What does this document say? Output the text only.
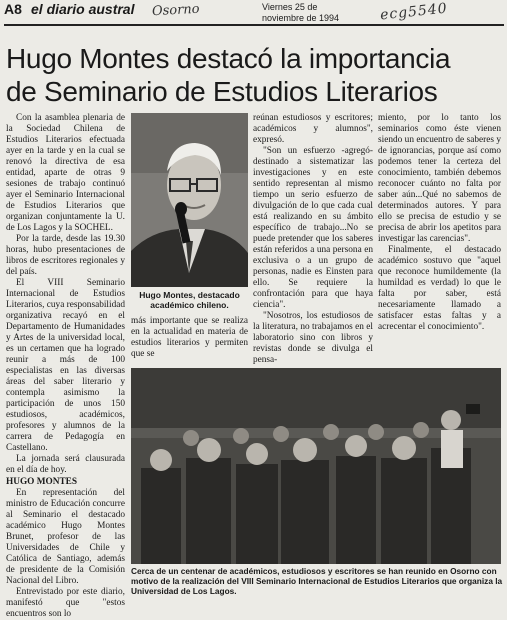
A8 el diario austral Osorno	Viernes 25 de
noviembre de 1994	ecg5540
Hugo Montes destacó la importancia
de Seminario de Estudios Literarios

Con la asamblea plenaria de la Sociedad Chilena de Estudios Literarios efectuada ayer en la tarde y en la cual se renovó la directiva de esa entidad, aparte de otras 9 sesiones de trabajo continuó ayer el Seminario Internacional de Estudios Literarios que organizan conjuntamente la U. de Los Lagos y la SOCHEL.

Por la tarde, desde las 19.30 horas, hubo presentaciones de libros de escritores regionales y del país.

El VIII Seminario Internacional de Estudios Literarios, cuya responsabilidad organizativa recayó en el Departamento de Humanidades y Artes de la universidad local, es un certamen que ha logrado reunir a más de 100 especialistas en las diversas áreas del saber literario y contempla asimismo la participación de unos 150 estudiosos, académicos, profesores y alumnos de la carrera de Pedagogía en Castellano.

La jornada será clausurada en el día de hoy.

HUGO MONTES

En representación del ministro de Educación concurre al Seminario el destacado académico Hugo Montes Brunet, profesor de las Universidades de Chile y Católica de Santiago, además de presidente de la Comisión Nacional del Libro.

Entrevistado por este diario, manifestó que "estos encuentros son lo

Hugo Montes, destacado académico chileno.

más importante que se realiza en la actualidad en materia de estudios literarios y permiten que se

reúnan estudiosos y escritores; académicos y alumnos", expresó.

"Son un esfuerzo -agregó- destinado a sistematizar las investigaciones y en este sentido representan al mismo tiempo un serio esfuerzo de divulgación de lo que cada cual está realizando en su ámbito específico de trabajo...No se puede pretender que los saberes están referidos a una persona en exclusiva o a un grupo de personas, nadie es Einsten para ello. Se requiere la confrontación para que haya ciencia".

"Nosotros, los estudiosos de la literatura, no trabajamos en el laboratorio sino con libros y revistas donde se divulga el pensa-

miento, por lo tanto los seminarios como éste vienen siendo un encuentro de saberes y de ignorancias, porque así como podemos tener la certeza del conocimiento, también debemos reconocer cuánto no falta por saber aún...Qué no sabemos de determinados autores. Y para ello se precisa de estudio y se precisa de abrir los apetitos para investigar las carencias".

Finalmente, el destacado académico sostuvo que "aquel que reconoce humildemente (la humildad es verdad) lo que le falta por saber, está necesariamente llamado a satisfacer estas faltas y a acrecentar el conocimiento".

Cerca de un centenar de académicos, estudiosos y escritores se han reunido en Osorno con motivo de la realización del VIII Seminario Internacional de Estudios Literarios que organiza la Universidad de Los Lagos.
